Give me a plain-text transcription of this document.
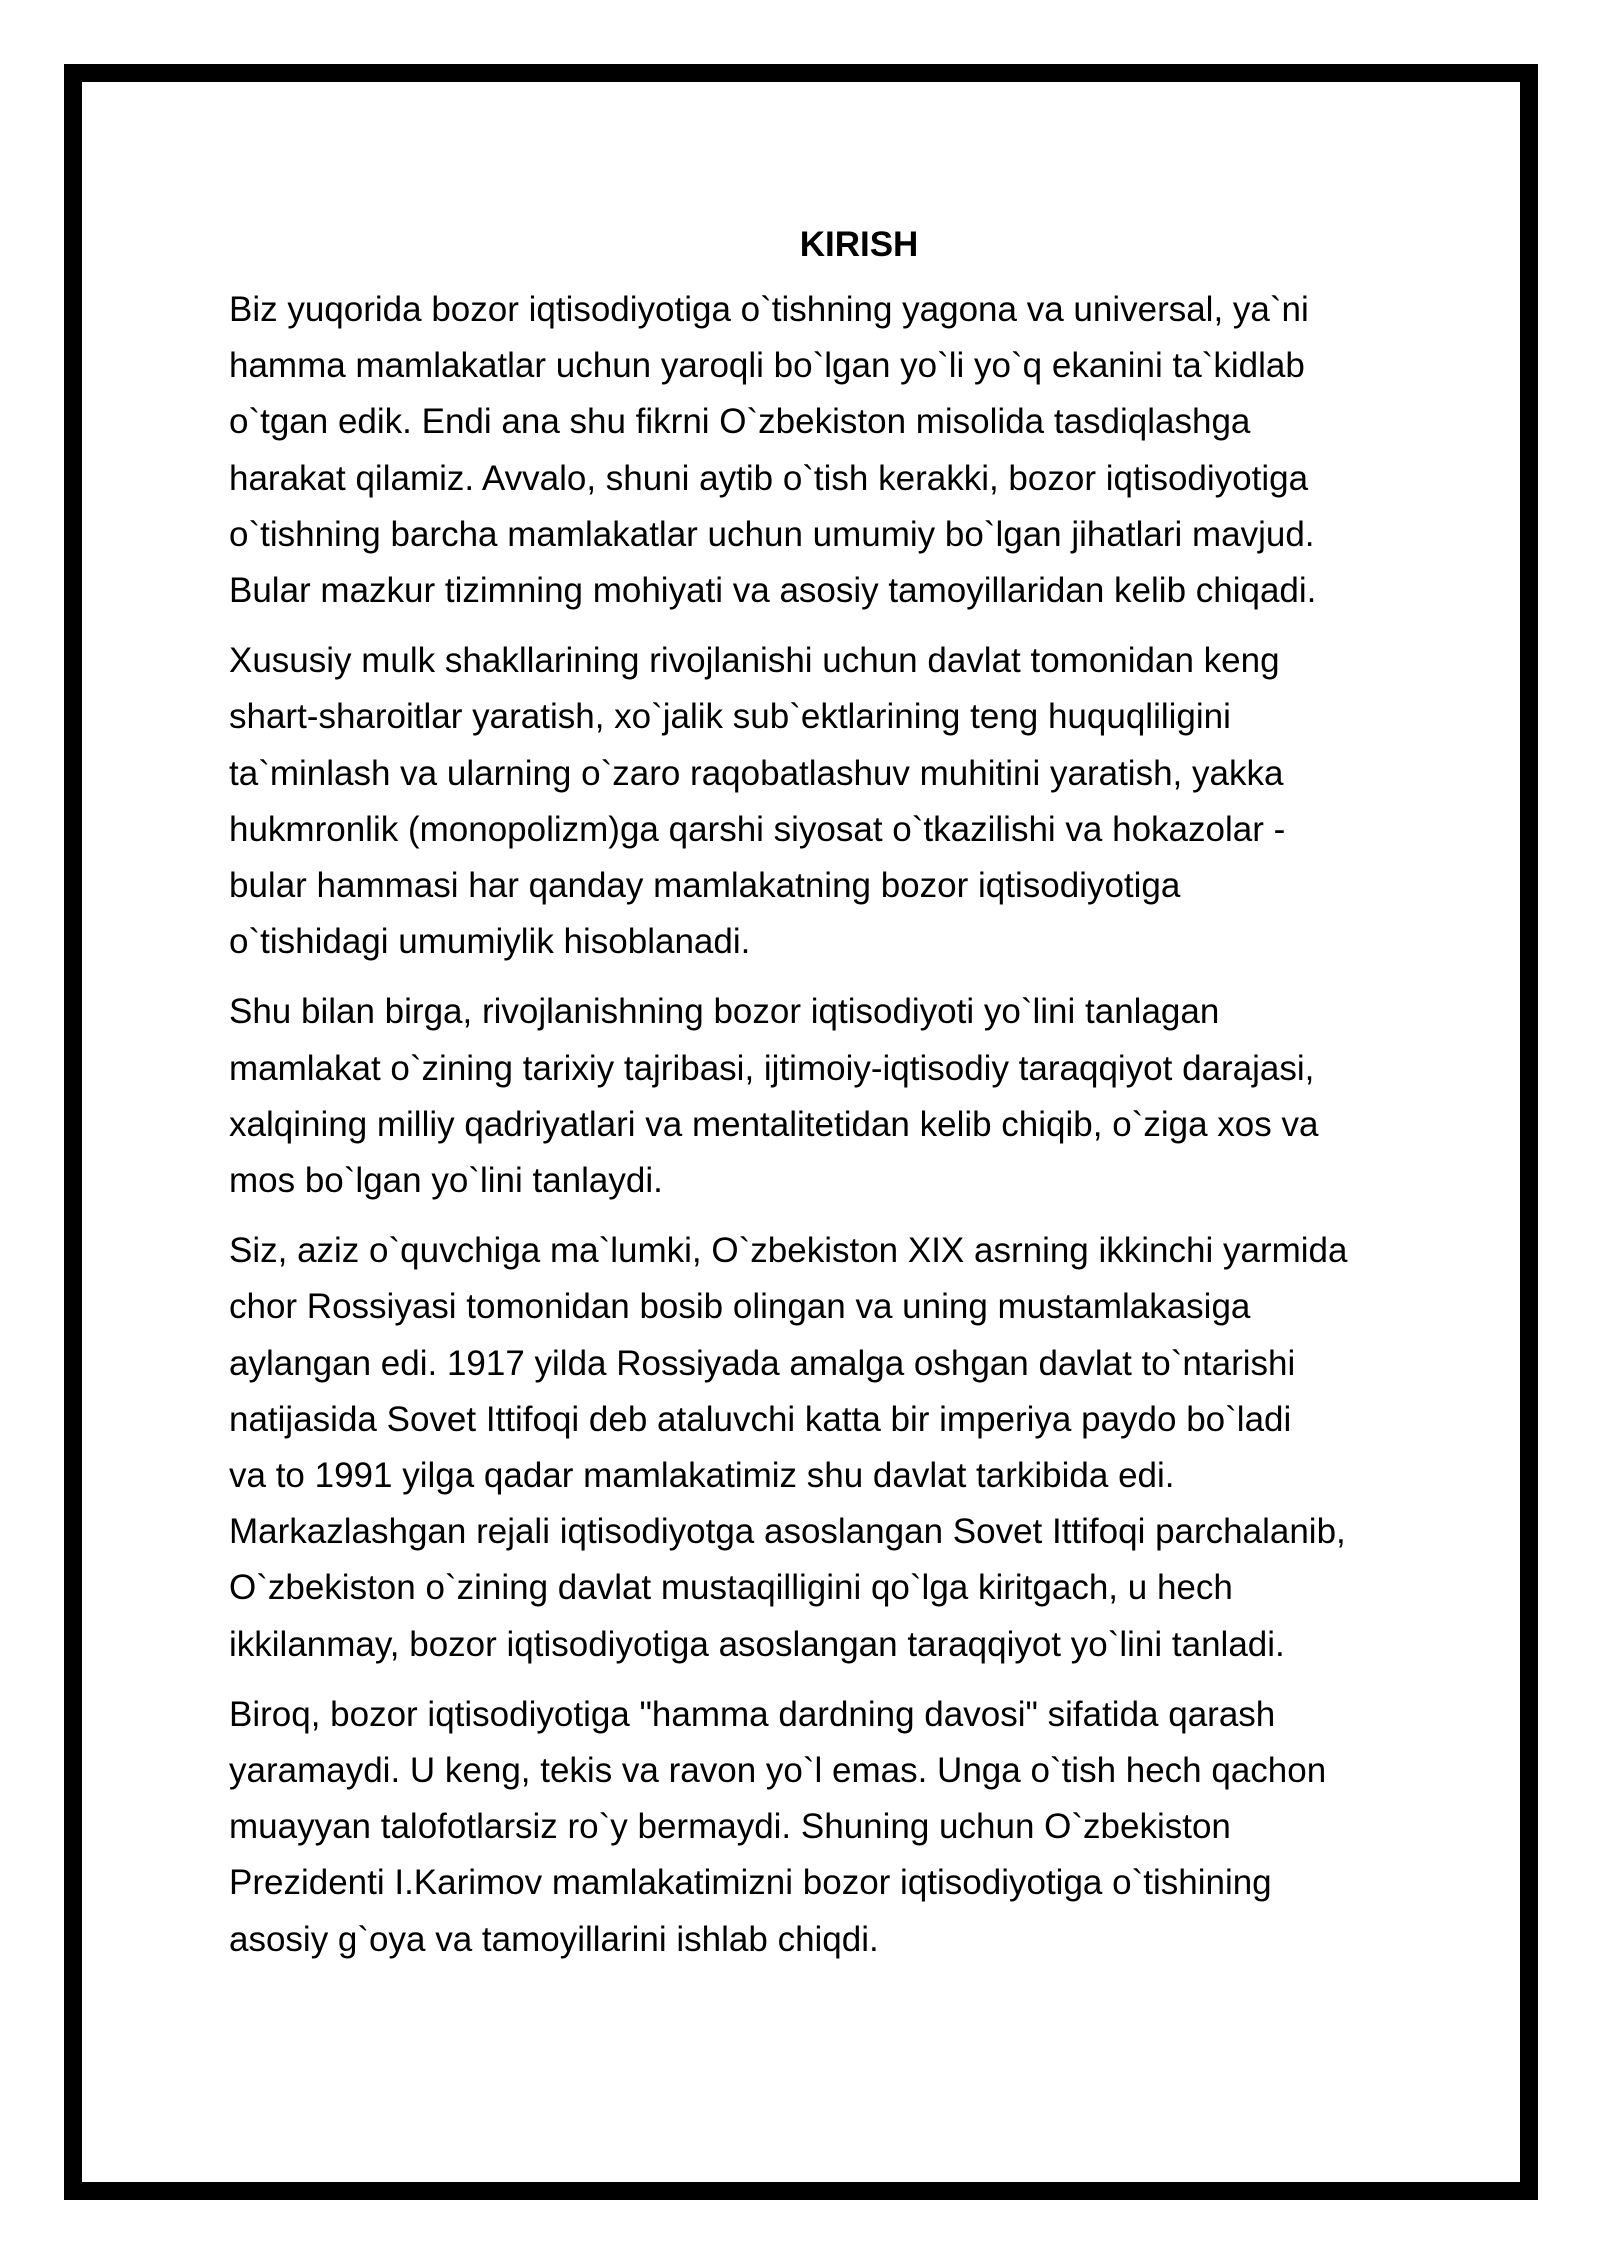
KIRISH
Biz yuqorida bozor iqtisodiyotiga o`tishning yagona va universal, ya`ni
hamma mamlakatlar uchun yaroqli bo`lgan yo`li yo`q ekanini ta`kidlab
o`tgan edik. Endi ana shu fikrni O`zbekiston misolida tasdiqlashga
harakat qilamiz. Avvalo, shuni aytib o`tish kerakki, bozor iqtisodiyotiga
o`tishning barcha mamlakatlar uchun umumiy bo`lgan jihatlari mavjud.
Bular mazkur tizimning mohiyati va asosiy tamoyillaridan kelib chiqadi.
Xususiy mulk shakllarining rivojlanishi uchun davlat tomonidan keng
shart-sharoitlar yaratish, xo`jalik sub`ektlarining teng huquqliligini
ta`minlash va ularning o`zaro raqobatlashuv muhitini yaratish, yakka
hukmronlik (monopolizm)ga qarshi siyosat o`tkazilishi va hokazolar -
bular hammasi har qanday mamlakatning bozor iqtisodiyotiga
o`tishidagi umumiylik hisoblanadi.
Shu bilan birga, rivojlanishning bozor iqtisodiyoti yo`lini tanlagan
mamlakat o`zining tarixiy tajribasi, ijtimoiy-iqtisodiy taraqqiyot darajasi,
xalqining milliy qadriyatlari va mentalitetidan kelib chiqib, o`ziga xos va
mos bo`lgan yo`lini tanlaydi.
Siz, aziz o`quvchiga ma`lumki, O`zbekiston XIX asrning ikkinchi yarmida
chor Rossiyasi tomonidan bosib olingan va uning mustamlakasiga
aylangan edi. 1917 yilda Rossiyada amalga oshgan davlat to`ntarishi
natijasida Sovet Ittifoqi deb ataluvchi katta bir imperiya paydo bo`ladi
va to 1991 yilga qadar mamlakatimiz shu davlat tarkibida edi.
Markazlashgan rejali iqtisodiyotga asoslangan Sovet Ittifoqi parchalanib,
O`zbekiston o`zining davlat mustaqilligini qo`lga kiritgach, u hech
ikkilanmay, bozor iqtisodiyotiga asoslangan taraqqiyot yo`lini tanladi.
Biroq, bozor iqtisodiyotiga "hamma dardning davosi" sifatida qarash
yaramaydi. U keng, tekis va ravon yo`l emas. Unga o`tish hech qachon
muayyan talofotlarsiz ro`y bermaydi. Shuning uchun O`zbekiston
Prezidenti I.Karimov mamlakatimizni bozor iqtisodiyotiga o`tishining
asosiy g`oya va tamoyillarini ishlab chiqdi.
